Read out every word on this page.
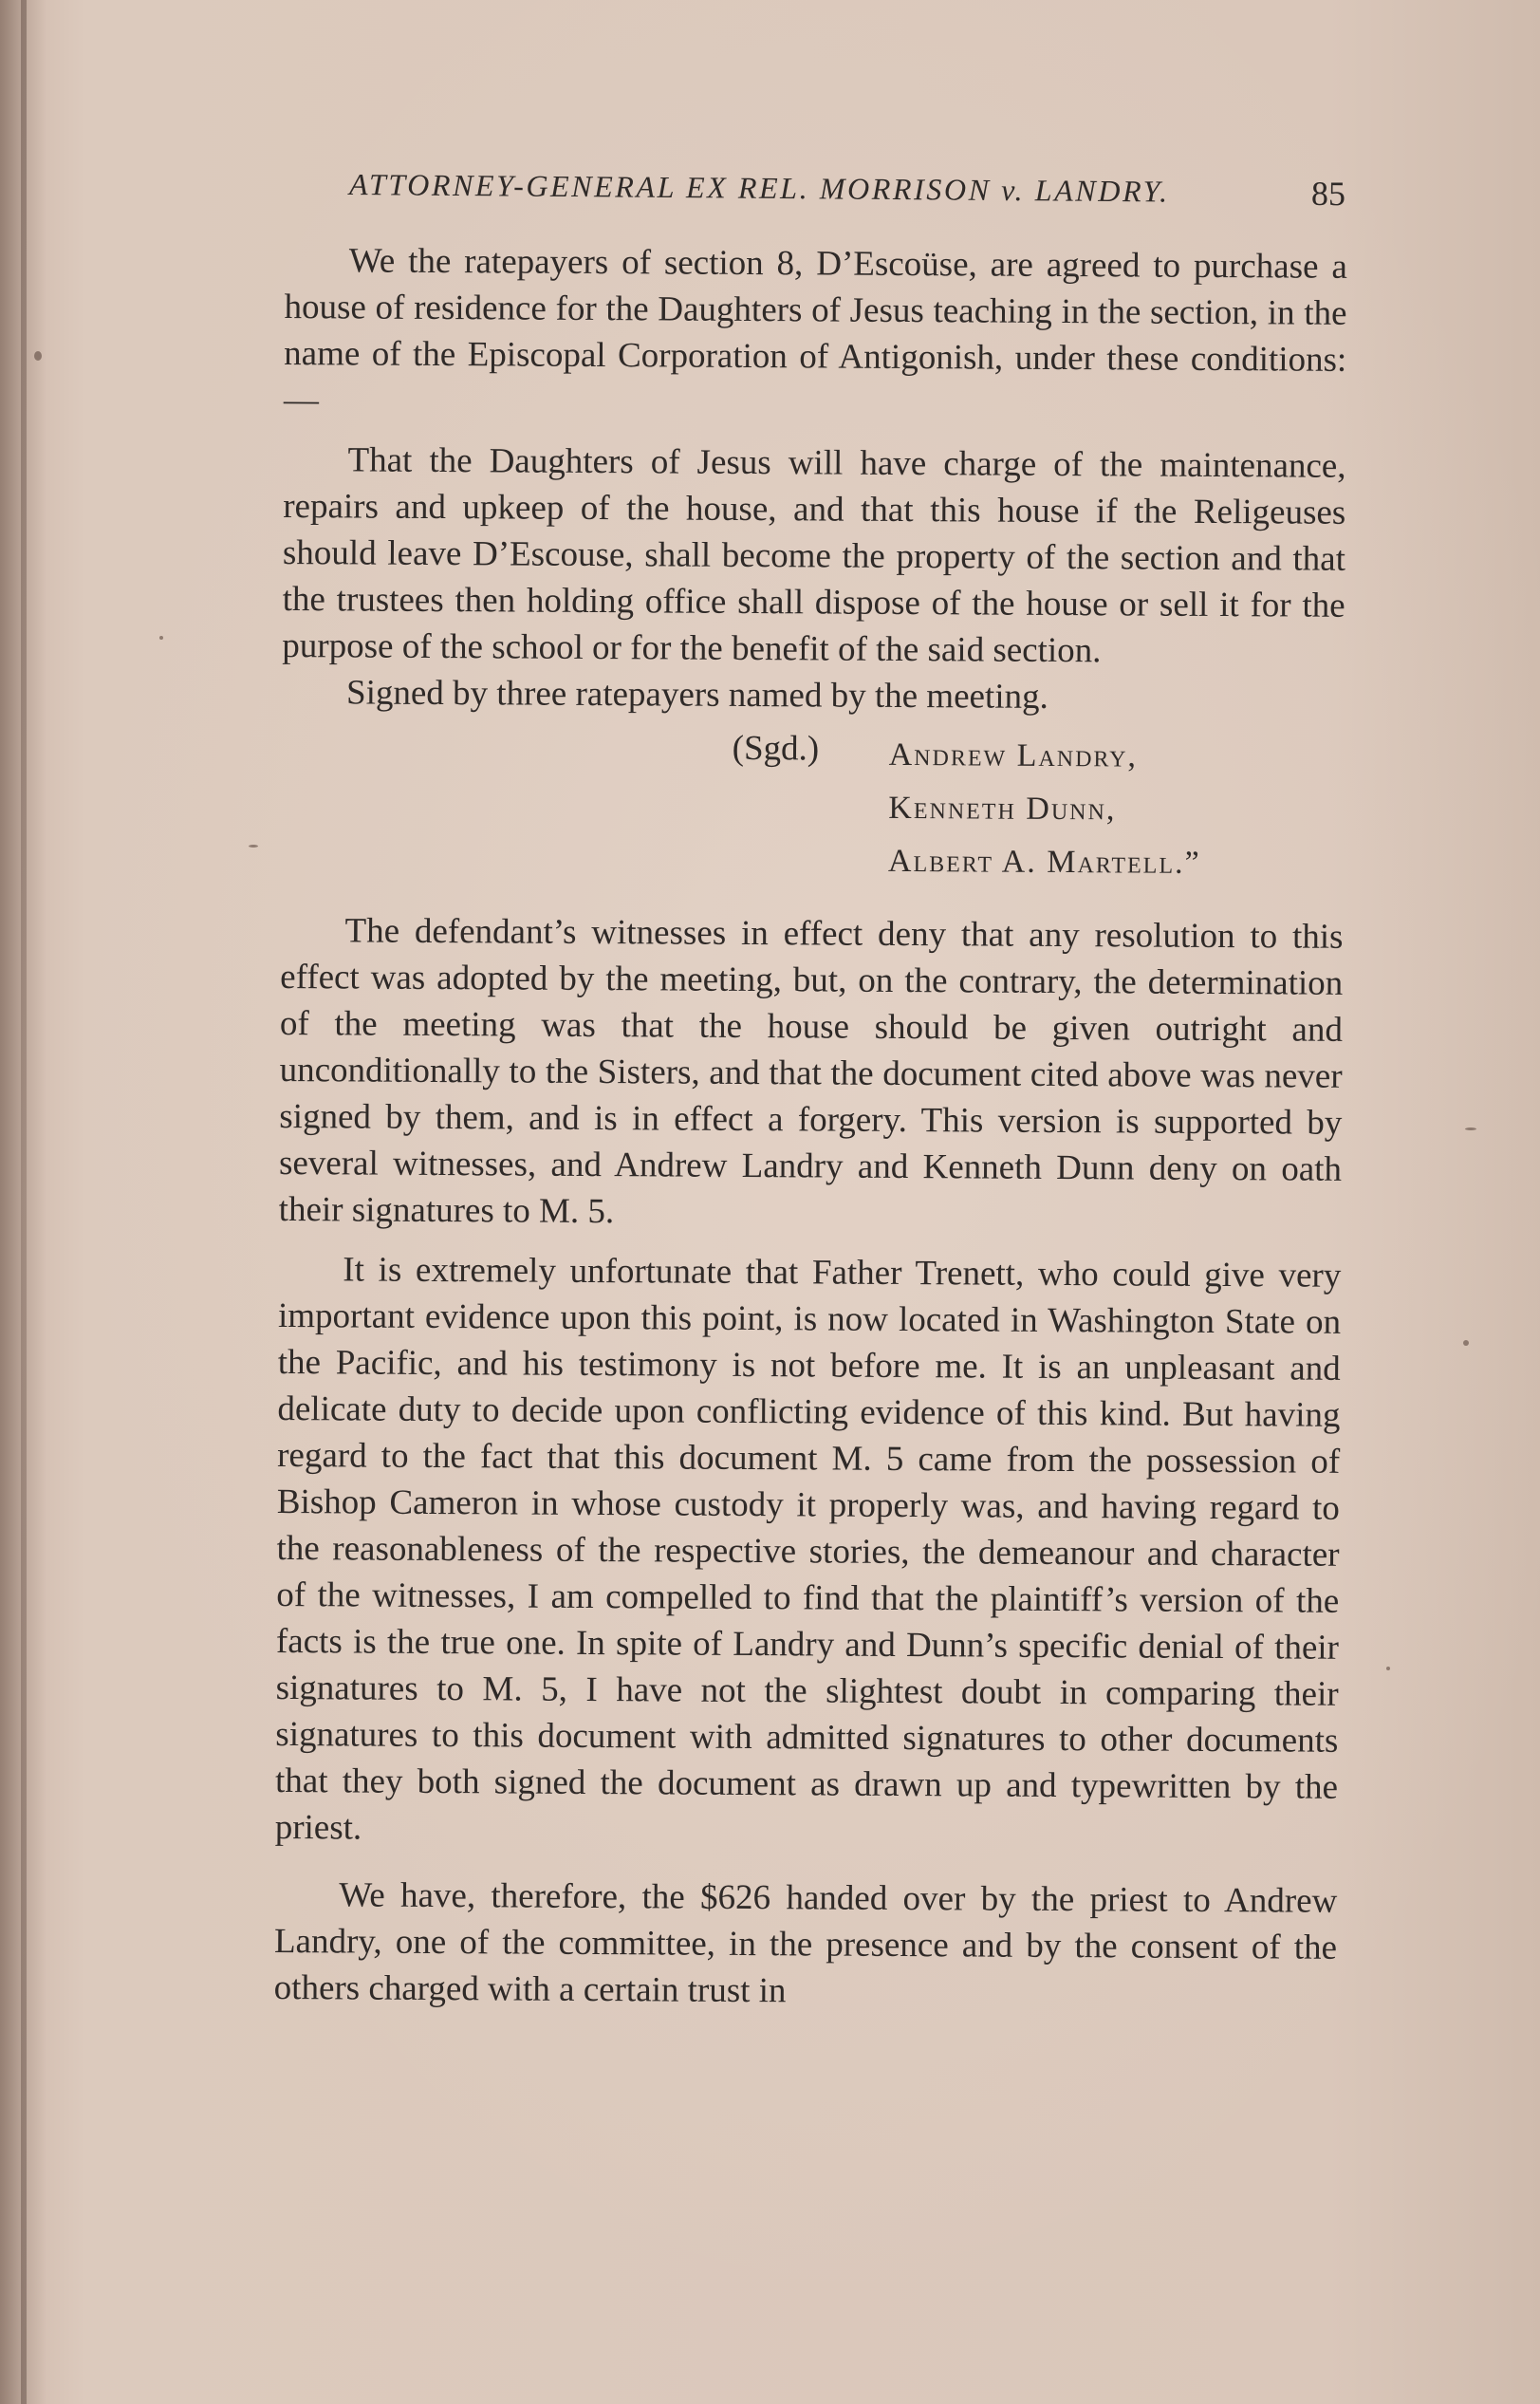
ATTORNEY-GENERAL EX REL. MORRISON v. LANDRY.	85

We the ratepayers of section 8, D’Escoüse, are agreed to purchase a house of residence for the Daughters of Jesus teaching in the section, in the name of the Episcopal Corporation of Antigonish, under these conditions:—

That the Daughters of Jesus will have charge of the maintenance, repairs and upkeep of the house, and that this house if the Religeuses should leave D’Escouse, shall become the property of the section and that the trustees then holding office shall dispose of the house or sell it for the purpose of the school or for the benefit of the said section.

Signed by three ratepayers named by the meeting.

(Sgd.) Andrew Landry,
Kenneth Dunn,
Albert A. Martell.”

The defendant’s witnesses in effect deny that any resolution to this effect was adopted by the meeting, but, on the contrary, the determination of the meeting was that the house should be given outright and unconditionally to the Sisters, and that the document cited above was never signed by them, and is in effect a forgery. This version is supported by several witnesses, and Andrew Landry and Kenneth Dunn deny on oath their signatures to M. 5.

It is extremely unfortunate that Father Trenett, who could give very important evidence upon this point, is now located in Washington State on the Pacific, and his testimony is not before me. It is an unpleasant and delicate duty to decide upon conflicting evidence of this kind. But having regard to the fact that this document M. 5 came from the possession of Bishop Cameron in whose custody it properly was, and having regard to the reasonableness of the respective stories, the demeanour and character of the witnesses, I am compelled to find that the plaintiff’s version of the facts is the true one. In spite of Landry and Dunn’s specific denial of their signatures to M. 5, I have not the slightest doubt in comparing their signatures to this document with admitted signatures to other documents that they both signed the document as drawn up and typewritten by the priest.

We have, therefore, the $626 handed over by the priest to Andrew Landry, one of the committee, in the presence and by the consent of the others charged with a certain trust in
